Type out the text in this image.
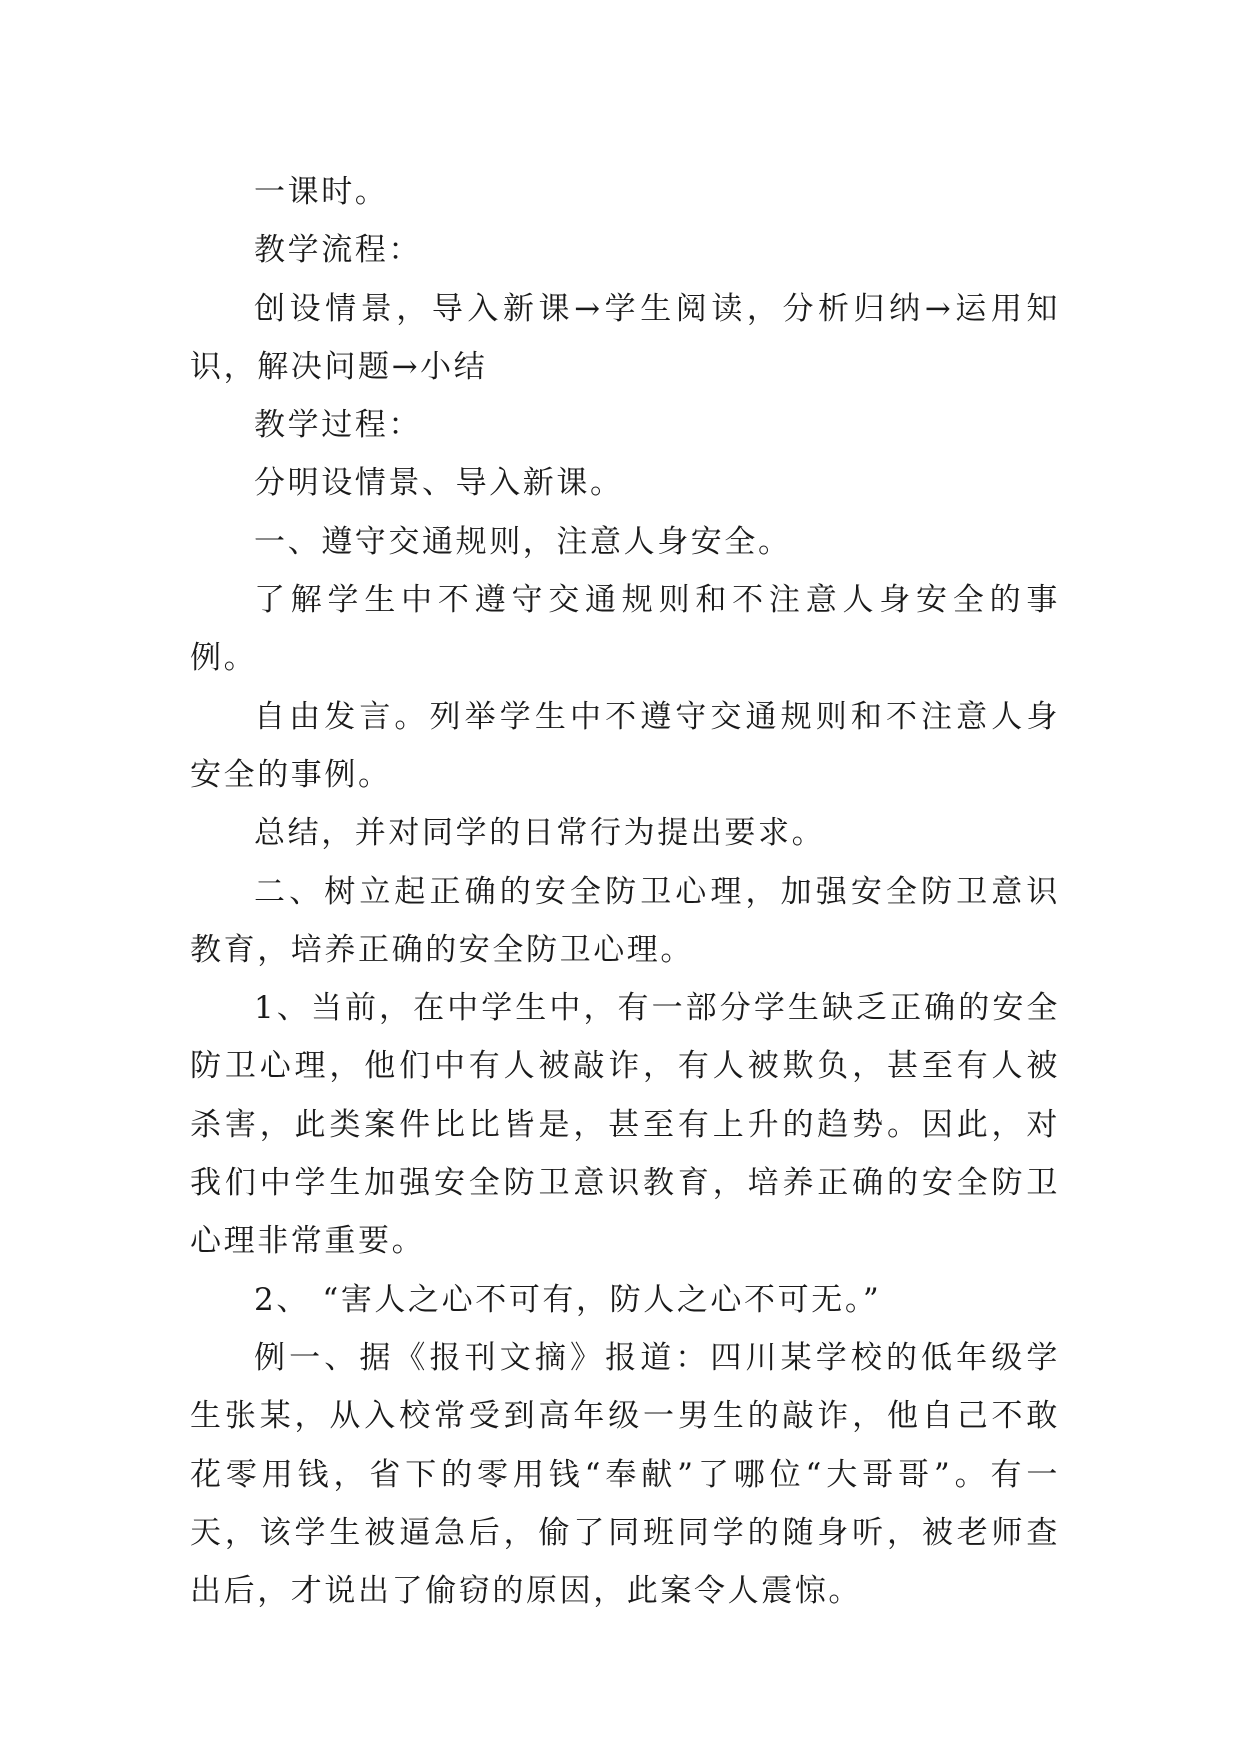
一课时。

教学流程：

创设情景，导入新课→学生阅读，分析归纳→运用知识，解决问题→小结

教学过程：

分明设情景、导入新课。

一、遵守交通规则，注意人身安全。

了解学生中不遵守交通规则和不注意人身安全的事例。

自由发言。列举学生中不遵守交通规则和不注意人身安全的事例。

总结，并对同学的日常行为提出要求。

二、树立起正确的安全防卫心理，加强安全防卫意识教育，培养正确的安全防卫心理。

1、当前，在中学生中，有一部分学生缺乏正确的安全防卫心理，他们中有人被敲诈，有人被欺负，甚至有人被杀害，此类案件比比皆是，甚至有上升的趋势。因此，对我们中学生加强安全防卫意识教育，培养正确的安全防卫心理非常重要。

2、 “害人之心不可有，防人之心不可无。”

例一、据《报刊文摘》报道：四川某学校的低年级学生张某，从入校常受到高年级一男生的敲诈，他自己不敢花零用钱，省下的零用钱“奉献”了哪位“大哥哥”。有一天，该学生被逼急后，偷了同班同学的随身听，被老师查出后，才说出了偷窃的原因，此案令人震惊。
